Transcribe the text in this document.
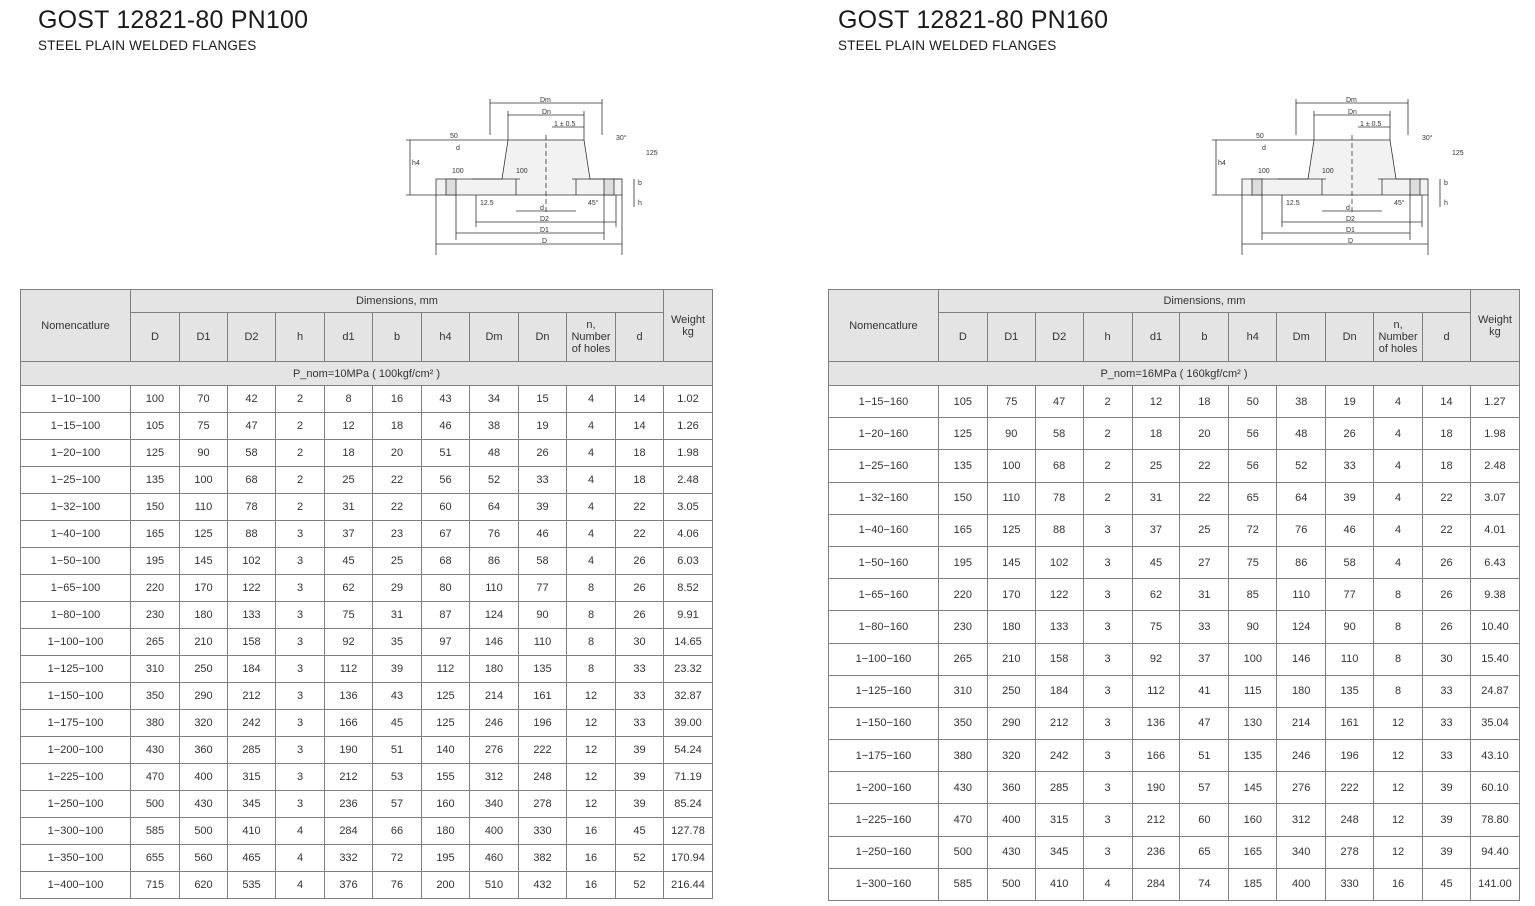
GOST 12821-80 PN100
STEEL PLAIN WELDED FLANGES
Dm
Dn
1 ± 0.5
50
d
12.5
d
D2
D1
D
30°
45°
b
h
h4
125
100	100
Nomencatlure	Dimensions, mm											Weight kg
	D	D1	D2	h	d1	b	h4	Dm	Dn	n, Number of holes	d	
P_nom=10MPa ( 100kgf/cm² )												
1−10−100	100	70	42	2	8	16	43	34	15	4	14	1.02
1−15−100	105	75	47	2	12	18	46	38	19	4	14	1.26
1−20−100	125	90	58	2	18	20	51	48	26	4	18	1.98
1−25−100	135	100	68	2	25	22	56	52	33	4	18	2.48
1−32−100	150	110	78	2	31	22	60	64	39	4	22	3.05
1−40−100	165	125	88	3	37	23	67	76	46	4	22	4.06
1−50−100	195	145	102	3	45	25	68	86	58	4	26	6.03
1−65−100	220	170	122	3	62	29	80	110	77	8	26	8.52
1−80−100	230	180	133	3	75	31	87	124	90	8	26	9.91
1−100−100	265	210	158	3	92	35	97	146	110	8	30	14.65
1−125−100	310	250	184	3	112	39	112	180	135	8	33	23.32
1−150−100	350	290	212	3	136	43	125	214	161	12	33	32.87
1−175−100	380	320	242	3	166	45	125	246	196	12	33	39.00
1−200−100	430	360	285	3	190	51	140	276	222	12	39	54.24
1−225−100	470	400	315	3	212	53	155	312	248	12	39	71.19
1−250−100	500	430	345	3	236	57	160	340	278	12	39	85.24
1−300−100	585	500	410	4	284	66	180	400	330	16	45	127.78
1−350−100	655	560	465	4	332	72	195	460	382	16	52	170.94
1−400−100	715	620	535	4	376	76	200	510	432	16	52	216.44
GOST 12821-80 PN160
STEEL PLAIN WELDED FLANGES
Dm
Dn
1 ± 0.5
50
d
12.5
d
D2
D1
D
30°
45°
b
h
h4
125
100	100
Nomencatlure	Dimensions, mm											Weight kg
	D	D1	D2	h	d1	b	h4	Dm	Dn	n, Number of holes	d	
P_nom=16MPa ( 160kgf/cm² )												
1−15−160	105	75	47	2	12	18	50	38	19	4	14	1.27
1−20−160	125	90	58	2	18	20	56	48	26	4	18	1.98
1−25−160	135	100	68	2	25	22	56	52	33	4	18	2.48
1−32−160	150	110	78	2	31	22	65	64	39	4	22	3.07
1−40−160	165	125	88	3	37	25	72	76	46	4	22	4.01
1−50−160	195	145	102	3	45	27	75	86	58	4	26	6.43
1−65−160	220	170	122	3	62	31	85	110	77	8	26	9.38
1−80−160	230	180	133	3	75	33	90	124	90	8	26	10.40
1−100−160	265	210	158	3	92	37	100	146	110	8	30	15.40
1−125−160	310	250	184	3	112	41	115	180	135	8	33	24.87
1−150−160	350	290	212	3	136	47	130	214	161	12	33	35.04
1−175−160	380	320	242	3	166	51	135	246	196	12	33	43.10
1−200−160	430	360	285	3	190	57	145	276	222	12	39	60.10
1−225−160	470	400	315	3	212	60	160	312	248	12	39	78.80
1−250−160	500	430	345	3	236	65	165	340	278	12	39	94.40
1−300−160	585	500	410	4	284	74	185	400	330	16	45	141.00
